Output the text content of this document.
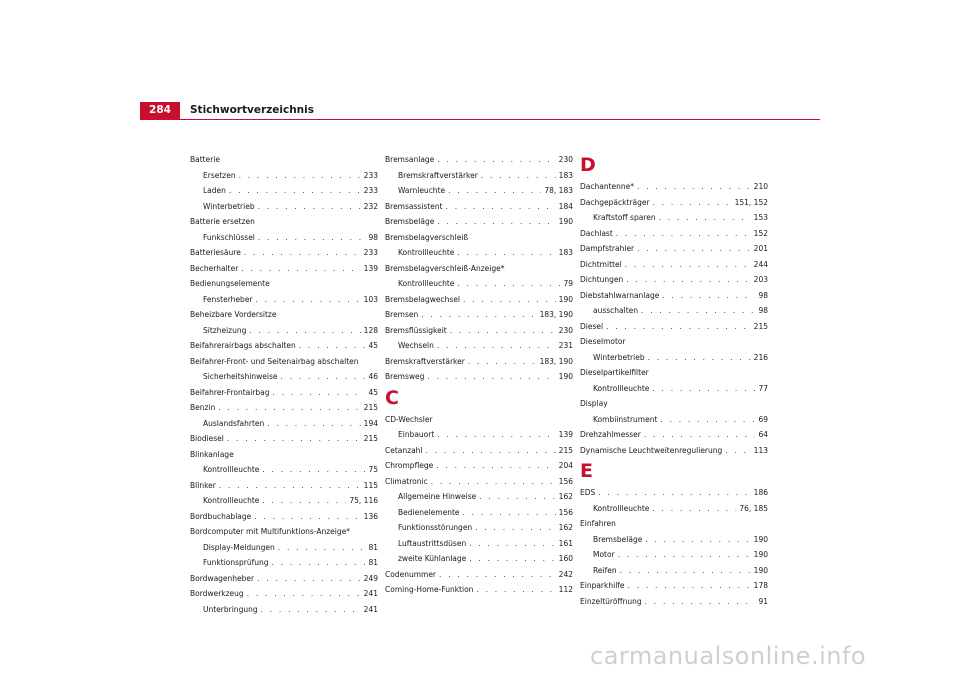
284	Stichwortverzeichnis
Batterie
Ersetzen . . .	233
Laden . . .	233
Winterbetrieb . . .	232
Batterie ersetzen
Funkschlüssel . . .	98
Batteriesäure . . .	233
Becherhalter . . .	139
Bedienungselemente
Fensterheber . . .	103
Beheizbare Vordersitze
Sitzheizung . . .	128
Beifahrerairbags abschalten . . .	45
Beifahrer-Front- und Seitenairbag abschalten
Sicherheitshinweise . . .	46
Beifahrer-Frontairbag . . .	45
Benzin . . .	215
Auslandsfahrten . . .	194
Biodiesel . . .	215
Blinkanlage
Kontrollleuchte . . .	75
Blinker . . .	115
Kontrollleuchte . . .	75, 116
Bordbuchablage . . .	136
Bordcomputer mit Multifunktions-Anzeige*
Display-Meldungen . . .	81
Funktionsprüfung . . .	81
Bordwagenheber . . .	249
Bordwerkzeug . . .	241
Unterbringung . . .	241
Bremsanlage . . .	230
Bremskraftverstärker . . .	183
Warnleuchte . . .	78, 183
Bremsassistent . . .	184
Bremsbeläge . . .	190
Bremsbelagverschleiß
Kontrollleuchte . . .	183
Bremsbelagverschleiß-Anzeige*
Kontrollleuchte . . .	79
Bremsbelagwechsel . . .	190
Bremsen . . .	183, 190
Bremsflüssigkeit . . .	230
Wechseln . . .	231
Bremskraftverstärker . . .	183, 190
Bremsweg . . .	190
C
CD-Wechsler
Einbauort . . .	139
Cetanzahl . . .	215
Chrompflege . . .	204
Climatronic . . .	156
Allgemeine Hinweise . . .	162
Bedienelemente . . .	156
Funktionsstörungen . . .	162
Luftaustrittsdüsen . . .	161
zweite Kühlanlage . . .	160
Codenummer . . .	242
Coming-Home-Funktion . . .	112
D
Dachantenne* . . .	210
Dachgepäckträger . . .	151, 152
Kraftstoff sparen . . .	153
Dachlast . . .	152
Dampfstrahler . . .	201
Dichtmittel . . .	244
Dichtungen . . .	203
Diebstahlwarnanlage . . .	98
ausschalten . . .	98
Diesel . . .	215
Dieselmotor
Winterbetrieb . . .	216
Dieselpartikelfilter
Kontrollleuchte . . .	77
Display
Kombiinstrument . . .	69
Drehzahlmesser . . .	64
Dynamische Leuchtweitenregulierung . . .	113
E
EDS . . .	186
Kontrollleuchte . . .	76, 185
Einfahren
Bremsbeläge . . .	190
Motor . . .	190
Reifen . . .	190
Einparkhilfe . . .	178
Einzeltüröffnung . . .	91
carmanualsonline.info
